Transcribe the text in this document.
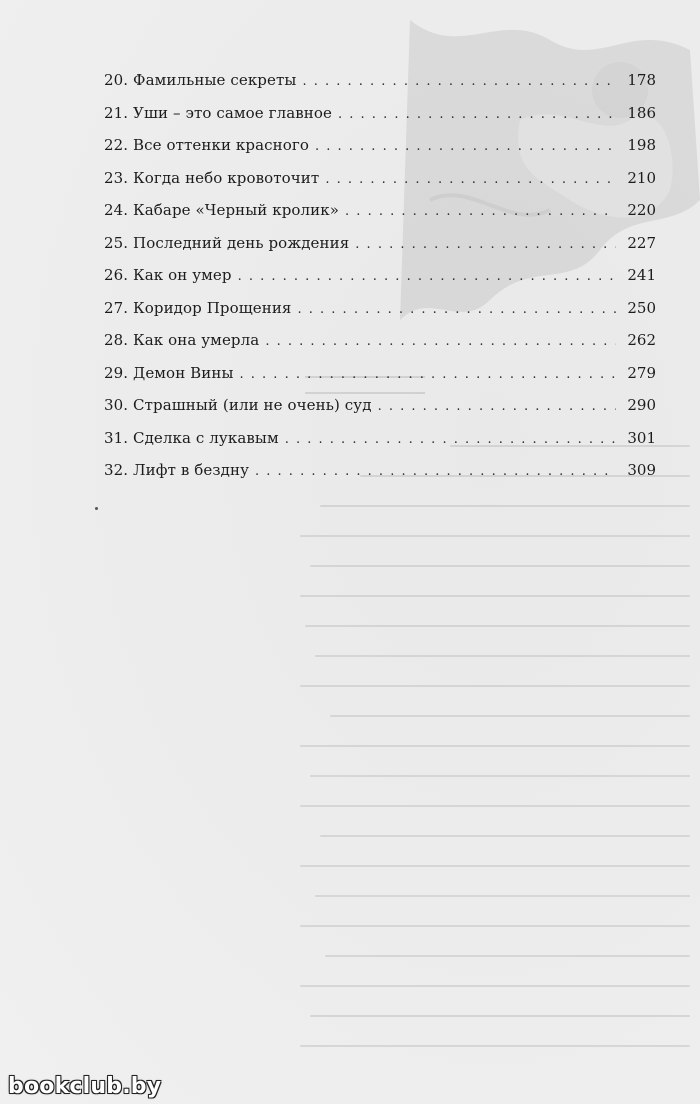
20. Фамильные секреты . . .	178
21. Уши – это самое главное . . .	186
22. Все оттенки красного . . .	198
23. Когда небо кровоточит . . .	210
24. Кабаре «Черный кролик» . . .	220
25. Последний день рождения . . .	227
26. Как он умер . . .	241
27. Коридор Прощения . . .	250
28. Как она умерла . . .	262
29. Демон Вины . . .	279
30. Страшный (или не очень) суд . . .	290
31. Сделка с лукавым . . .	301
32. Лифт в бездну . . .	309
bookclub.by
